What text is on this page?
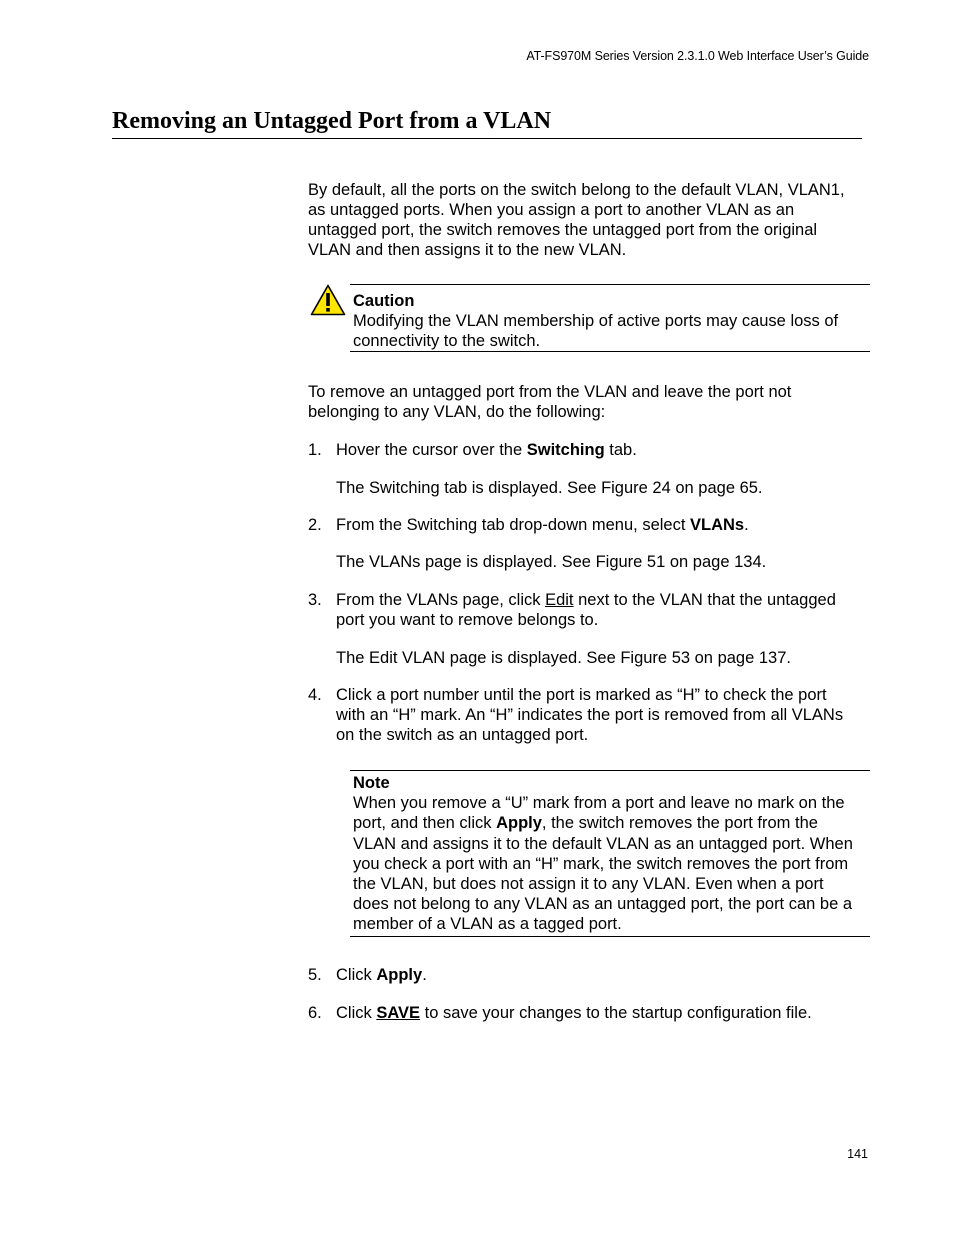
AT-FS970M Series Version 2.3.1.0 Web Interface User’s Guide
Removing an Untagged Port from a VLAN

By default, all the ports on the switch belong to the default VLAN, VLAN1,

as untagged ports. When you assign a port to another VLAN as an

untagged port, the switch removes the untagged port from the original

VLAN and then assigns it to the new VLAN.

Caution

Modifying the VLAN membership of active ports may cause loss of

connectivity to the switch.

To remove an untagged port from the VLAN and leave the port not

belonging to any VLAN, do the following:

1. Hover the cursor over the Switching tab.

The Switching tab is displayed. See Figure 24 on page 65.

2. From the Switching tab drop-down menu, select VLANs.

The VLANs page is displayed. See Figure 51 on page 134.

3. From the VLANs page, click Edit next to the VLAN that the untagged

port you want to remove belongs to.

The Edit VLAN page is displayed. See Figure 53 on page 137.

4. Click a port number until the port is marked as “H” to check the port

with an “H” mark. An “H” indicates the port is removed from all VLANs

on the switch as an untagged port.

Note

When you remove a “U” mark from a port and leave no mark on the

port, and then click Apply, the switch removes the port from the

VLAN and assigns it to the default VLAN as an untagged port. When

you check a port with an “H” mark, the switch removes the port from

the VLAN, but does not assign it to any VLAN. Even when a port

does not belong to any VLAN as an untagged port, the port can be a

member of a VLAN as a tagged port.

5. Click Apply.

6. Click SAVE to save your changes to the startup configuration file.

141
